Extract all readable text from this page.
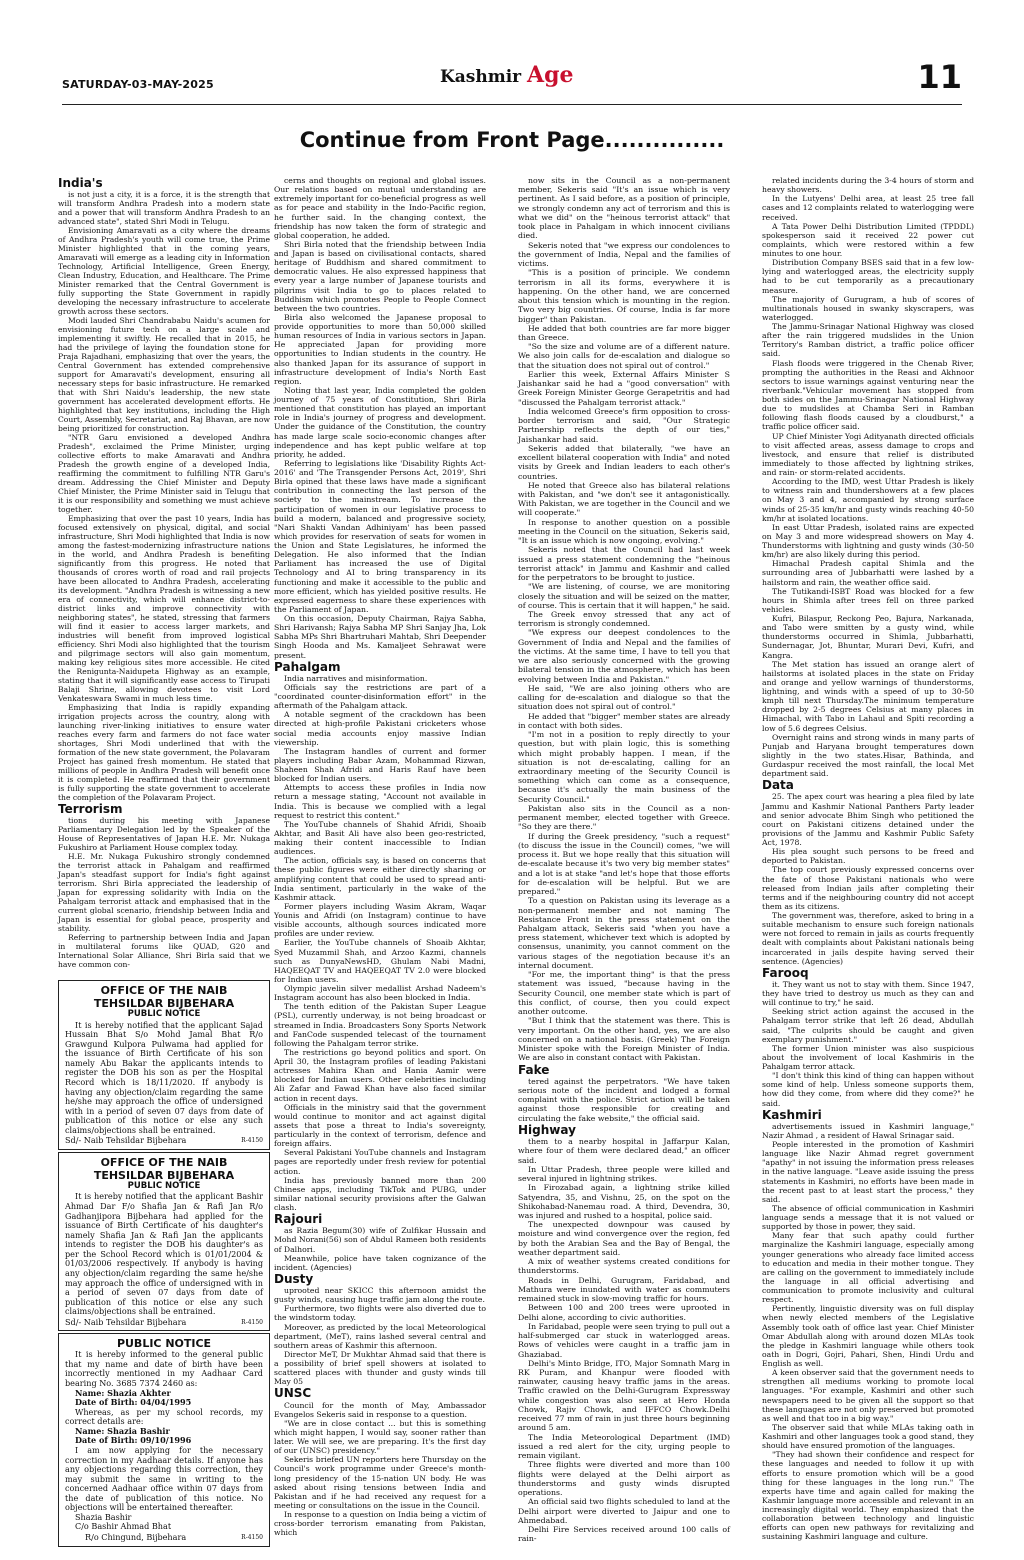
SATURDAY-03-MAY-2025	Kashmir Age	11
Continue from Front Page...............
India's

is not just a city, it is a force, it is the strength that will transform Andhra Pradesh into a modern state and a power that will transform Andhra Pradesh to an advanced state", stated Shri Modi in Telugu.

Envisioning Amaravati as a city where the dreams of Andhra Pradesh's youth will come true, the Prime Minister highlighted that in the coming years, Amaravati will emerge as a leading city in Information Technology, Artificial Intelligence, Green Energy, Clean Industry, Education, and Healthcare. The Prime Minister remarked that the Central Government is fully supporting the State Government in rapidly developing the necessary infrastructure to accelerate growth across these sectors.

Modi lauded Shri Chandrababu Naidu's acumen for envisioning future tech on a large scale and implementing it swiftly. He recalled that in 2015, he had the privilege of laying the foundation stone for Praja Rajadhani, emphasizing that over the years, the Central Government has extended comprehensive support for Amaravati's development, ensuring all necessary steps for basic infrastructure. He remarked that with Shri Naidu's leadership, the new state government has accelerated development efforts. He highlighted that key institutions, including the High Court, Assembly, Secretariat, and Raj Bhavan, are now being prioritized for construction.

"NTR Garu envisioned a developed Andhra Pradesh", exclaimed the Prime Minister, urging collective efforts to make Amaravati and Andhra Pradesh the growth engine of a developed India, reaffirming the commitment to fulfilling NTR Garu's dream. Addressing the Chief Minister and Deputy Chief Minister, the Prime Minister said in Telugu that it is our responsibility and something we must achieve together.

Emphasizing that over the past 10 years, India has focused extensively on physical, digital, and social infrastructure, Shri Modi highlighted that India is now among the fastest-modernizing infrastructure nations in the world, and Andhra Pradesh is benefiting significantly from this progress. He noted that thousands of crores worth of road and rail projects have been allocated to Andhra Pradesh, accelerating its development. "Andhra Pradesh is witnessing a new era of connectivity, which will enhance district-to-district links and improve connectivity with neighboring states", he stated, stressing that farmers will find it easier to access larger markets, and industries will benefit from improved logistical efficiency. Shri Modi also highlighted that the tourism and pilgrimage sectors will also gain momentum, making key religious sites more accessible. He cited the Renigunta-Naidupeta Highway as an example, stating that it will significantly ease access to Tirupati Balaji Shrine, allowing devotees to visit Lord Venkateswara Swami in much less time.

Emphasizing that India is rapidly expanding irrigation projects across the country, along with launching river-linking initiatives to ensure water reaches every farm and farmers do not face water shortages, Shri Modi underlined that with the formation of the new state government, the Polavaram Project has gained fresh momentum. He stated that millions of people in Andhra Pradesh will benefit once it is completed. He reaffirmed that their government is fully supporting the state government to accelerate the completion of the Polavaram Project.

Terrorism

tions during his meeting with Japanese Parliamentary Delegation led by the Speaker of the House of Representatives of Japan H.E. Mr. Nukaga Fukushiro at Parliament House complex today.

H.E. Mr. Nukaga Fukushiro strongly condemned the terrorist attack in Pahalgam and reaffirmed Japan's steadfast support for India's fight against terrorism. Shri Birla appreciated the leadership of Japan for expressing solidarity with India on the Pahalgam terrorist attack and emphasised that in the current global scenario, friendship between India and Japan is essential for global peace, prosperity and stability.

Referring to partnership between India and Japan in multilateral forums like QUAD, G20 and International Solar Alliance, Shri Birla said that we have common con-

OFFICE OF THE NAIB TEHSILDAR BIJBEHARA
PUBLIC NOTICE

It is hereby notified that the applicant Sajad Hussain Bhat S/o Mohd Jamal Bhat R/o Grawgund Kulpora Pulwama had applied for the issuance of Birth Certificate of his son namely Abu Bakar the applicants intends to register the DOB his son as per the Hospital Record which is 18/11/2020. If anybody is having any objection/claim regarding the same he/she may approach the office of undersigned with in a period of seven 07 days from date of publication of this notice or else any such claims/objections shall be entrained.

Sd/- Naib Tehsildar Bijbehara	R-4150
OFFICE OF THE NAIB TEHSILDAR BIJBEHARA
PUBLIC NOTICE

It is hereby notified that the applicant Bashir Ahmad Dar F/o Shafia Jan & Rafi Jan R/o Gadhanjipora Bijbehara had applied for the issuance of Birth Certificate of his daughter's namely Shafia Jan & Rafi Jan the applicants intends to register the DOB his daughter's as per the School Record which is 01/01/2004 & 01/03/2006 respectively. If anybody is having any objection/claim regarding the same he/she may approach the office of undersigned with in a period of seven 07 days from date of publication of this notice or else any such claims/objections shall be entrained.

Sd/- Naib Tehsildar Bijbehara	R-4150
PUBLIC NOTICE

It is hereby informed to the general public that my name and date of birth have been incorrectly mentioned in my Aadhaar Card bearing No. 3685 7374 2460 as:

Name: Shazia Akhter

Date of Birth: 04/04/1995

Whereas, as per my school records, my correct details are:

Name: Shazia Bashir

Date of Birth: 09/10/1996

I am now applying for the necessary correction in my Aadhaar details. If anyone has any objections regarding this correction, they may submit the same in writing to the concerned Aadhaar office within 07 days from the date of publication of this notice. No objections will be entertained thereafter.

Shazia Bashir

C/o Bashir Ahmad Bhat

R/o Chingund, Bijbehara	R-4150

cerns and thoughts on regional and global issues. Our relations based on mutual understanding are extremely important for co-beneficial progress as well as for peace and stability in the Indo-Pacific region, he further said. In the changing context, the friendship has now taken the form of strategic and global cooperation, he added.

Shri Birla noted that the friendship between India and Japan is based on civilisational contacts, shared heritage of Buddhism and shared commitment to democratic values. He also expressed happiness that every year a large number of Japanese tourists and pilgrims visit India to go to places related to Buddhism which promotes People to People Connect between the two countries.

Birla also welcomed the Japanese proposal to provide opportunities to more than 50,000 skilled human resources of India in various sectors in Japan. He appreciated Japan for providing more opportunities to Indian students in the country. He also thanked Japan for its assurance of support in infrastructure development of India's North East region.

Noting that last year, India completed the golden journey of 75 years of Constitution, Shri Birla mentioned that constitution has played an important role in India's journey of progress and development. Under the guidance of the Constitution, the country has made large scale socio-economic changes after independence and has kept public welfare at top priority, he added.

Referring to legislations like 'Disability Rights Act-2016' and 'The Transgender Persons Act, 2019', Shri Birla opined that these laws have made a significant contribution in connecting the last person of the society to the mainstream. To increase the participation of women in our legislative process to build a modern, balanced and progressive society, "Nari Shakti Vandan Adhiniyam' has been passed which provides for reservation of seats for women in the Union and State Legislatures, he informed the Delegation. He also informed that the Indian Parliament has increased the use of Digital Technology and AI to bring transparency in its functioning and make it accessible to the public and more efficient, which has yielded positive results. He expressed eagerness to share these experiences with the Parliament of Japan.

On this occasion, Deputy Chairman, Rajya Sabha, Shri Harivansh; Rajya Sabha MP Shri Sanjay Jha, Lok Sabha MPs Shri Bhartruhari Mahtab, Shri Deepender Singh Hooda and Ms. Kamaljeet Sehrawat were present.

Pahalgam

India narratives and misinformation.

Officials say the restrictions are part of a "coordinated counter-disinformation effort" in the aftermath of the Pahalgam attack.

A notable segment of the crackdown has been directed at high-profile Pakistani cricketers whose social media accounts enjoy massive Indian viewership.

The Instagram handles of current and former players including Babar Azam, Mohammad Rizwan, Shaheen Shah Afridi and Haris Rauf have been blocked for Indian users.

Attempts to access these profiles in India now return a message stating, "Account not available in India. This is because we complied with a legal request to restrict this content."

The YouTube channels of Shahid Afridi, Shoaib Akhtar, and Basit Ali have also been geo-restricted, making their content inaccessible to Indian audiences.

The action, officials say, is based on concerns that these public figures were either directly sharing or amplifying content that could be used to spread anti-India sentiment, particularly in the wake of the Kashmir attack.

Former players including Wasim Akram, Waqar Younis and Afridi (on Instagram) continue to have visible accounts, although sources indicated more profiles are under review.

Earlier, the YouTube channels of Shoaib Akhtar, Syed Muzammil Shah, and Arzoo Kazmi, channels such as DunyaNewsHD, Ghulam Nabi Madni, HAQEEQAT TV and HAQEEQAT TV 2.0 were blocked for Indian users.

Olympic javelin silver medallist Arshad Nadeem's Instagram account has also been blocked in India.

The tenth edition of the Pakistan Super League (PSL), currently underway, is not being broadcast or streamed in India. Broadcasters Sony Sports Network and FanCode suspended telecast of the tournament following the Pahalgam terror strike.

The restrictions go beyond politics and sport. On April 30, the Instagram profiles of leading Pakistani actresses Mahira Khan and Hania Aamir were blocked for Indian users. Other celebrities including Ali Zafar and Fawad Khan have also faced similar action in recent days.

Officials in the ministry said that the government would continue to monitor and act against digital assets that pose a threat to India's sovereignty, particularly in the context of terrorism, defence and foreign affairs.

Several Pakistani YouTube channels and Instagram pages are reportedly under fresh review for potential action.

India has previously banned more than 200 Chinese apps, including TikTok and PUBG, under similar national security provisions after the Galwan clash.

Rajouri

as Razia Begum(30) wife of Zulfikar Hussain and Mohd Norani(56) son of Abdul Rameen both residents of Dalhori.

Meanwhile, police have taken cognizance of the incident. (Agencies)

Dusty

uprooted near SKICC this afternoon amidst the gusty winds, causing huge traffic jam along the route.

Furthermore, two flights were also diverted due to the windstorm today.

Moreover, as predicted by the local Meteorological department, (MeT), rains lashed several central and southern areas of Kashmir this afternoon.

Director MeT, Dr Mukhtar Ahmad said that there is a possibility of brief spell showers at isolated to scattered places with thunder and gusty winds till May 05

UNSC

Council for the month of May, Ambassador Evangelos Sekeris said in response to a question.

"We are in close contact ... but this is something which might happen, I would say, sooner rather than later. We will see, we are preparing. It's the first day of our (UNSC) presidency."

Sekeris briefed UN reporters here Thursday on the Council's work programme under Greece's month-long presidency of the 15-nation UN body. He was asked about rising tensions between India and Pakistan and if he had received any request for a meeting or consultations on the issue in the Council.

In response to a question on India being a victim of cross-border terrorism emanating from Pakistan, which

now sits in the Council as a non-permanent member, Sekeris said "It's an issue which is very pertinent. As I said before, as a position of principle, we strongly condemn any act of terrorism and this is what we did" on the "heinous terrorist attack" that took place in Pahalgam in which innocent civilians died.

Sekeris noted that "we express our condolences to the government of India, Nepal and the families of victims.

"This is a position of principle. We condemn terrorism in all its forms, everywhere it is happening. On the other hand, we are concerned about this tension which is mounting in the region. Two very big countries. Of course, India is far more bigger" than Pakistan.

He added that both countries are far more bigger than Greece.

"So the size and volume are of a different nature. We also join calls for de-escalation and dialogue so that the situation does not spiral out of control."

Earlier this week, External Affairs Minister S Jaishankar said he had a "good conversation" with Greek Foreign Minister George Gerapetritis and had "discussed the Pahalgam terrorist attack."

India welcomed Greece's firm opposition to cross-border terrorism and said, "Our Strategic Partnership reflects the depth of our ties," Jaishankar had said.

Sekeris added that bilaterally, "we have an excellent bilateral cooperation with India" and noted visits by Greek and Indian leaders to each other's countries.

He noted that Greece also has bilateral relations with Pakistan, and "we don't see it antagonistically. With Pakistan, we are together in the Council and we will cooperate."

In response to another question on a possible meeting in the Council on the situation, Sekeris said, "It is an issue which is now ongoing, evolving."

Sekeris noted that the Council had last week issued a press statement condemning the "heinous terrorist attack" in Jammu and Kashmir and called for the perpetrators to be brought to justice.

"We are listening, of course, we are monitoring closely the situation and will be seized on the matter, of course. This is certain that it will happen," he said.

The Greek envoy stressed that any act of terrorism is strongly condemned.

"We express our deepest condolences to the Government of India and Nepal and the families of the victims. At the same time, I have to tell you that we are also seriously concerned with the growing bilateral tension in the atmosphere, which has been evolving between India and Pakistan."

He said, "We are also joining others who are calling for de-escalation and dialogue so that the situation does not spiral out of control."

He added that "bigger" member states are already in contact with both sides.

"I'm not in a position to reply directly to your question, but with plain logic, this is something which might probably happen. I mean, if the situation is not de-escalating, calling for an extraordinary meeting of the Security Council is something which can come as a consequence, because it's actually the main business of the Security Council."

Pakistan also sits in the Council as a non-permanent member, elected together with Greece. "So they are there."

If during the Greek presidency, "such a request" (to discuss the issue in the Council) comes, "we will process it. But we hope really that this situation will de-escalate because it's two very big member states" and a lot is at stake "and let's hope that those efforts for de-escalation will be helpful. But we are prepared."

To a question on Pakistan using its leverage as a non-permanent member and not naming The Resistance Front in the press statement on the Pahalgam attack, Sekeris said "when you have a press statement, whichever text which is adopted by consensus, unanimity, you cannot comment on the various stages of the negotiation because it's an internal document.

"For me, the important thing" is that the press statement was issued, "because having in the Security Council, one member state which is part of this conflict, of course, then you could expect another outcome.

"But I think that the statement was there. This is very important. On the other hand, yes, we are also concerned on a national basis. (Greek) The Foreign Minister spoke with the Foreign Minister of India. We are also in constant contact with Pakistan.

Fake

tered against the perpetrators. "We have taken serious note of the incident and lodged a formal complaint with the police. Strict action will be taken against those responsible for creating and circulating the fake website," the official said.

Highway

them to a nearby hospital in Jaffarpur Kalan, where four of them were declared dead," an officer said.

In Uttar Pradesh, three people were killed and several injured in lightning strikes.

In Firozabad again, a lightning strike killed Satyendra, 35, and Vishnu, 25, on the spot on the Shikohabad-Nanemau road. A third, Devendra, 30, was injured and rushed to a hospital, police said.

The unexpected downpour was caused by moisture and wind convergence over the region, fed by both the Arabian Sea and the Bay of Bengal, the weather department said.

A mix of weather systems created conditions for thunderstorms.

Roads in Delhi, Gurugram, Faridabad, and Mathura were inundated with water as commuters remained stuck in slow-moving traffic for hours.

Between 100 and 200 trees were uprooted in Delhi alone, according to civic authorities.

In Faridabad, people were seen trying to pull out a half-submerged car stuck in waterlogged areas. Rows of vehicles were caught in a traffic jam in Ghaziabad.

Delhi's Minto Bridge, ITO, Major Somnath Marg in RK Puram, and Khanpur were flooded with rainwater, causing heavy traffic jams in the areas. Traffic crawled on the Delhi-Gurugram Expressway while congestion was also seen at Hero Honda Chowk, Rajiv Chowk, and IFFCO Chowk.Delhi received 77 mm of rain in just three hours beginning around 5 am.

The India Meteorological Department (IMD) issued a red alert for the city, urging people to remain vigilant.

Three flights were diverted and more than 100 flights were delayed at the Delhi airport as thunderstorms and gusty winds disrupted operations.

An official said two flights scheduled to land at the Delhi airport were diverted to Jaipur and one to Ahmedabad.

Delhi Fire Services received around 100 calls of rain-

related incidents during the 3-4 hours of storm and heavy showers.

In the Lutyens' Delhi area, at least 25 tree fall cases and 12 complaints related to waterlogging were received.

A Tata Power Delhi Distribution Limited (TPDDL) spokesperson said it received 22 power cut complaints, which were restored within a few minutes to one hour.

Distribution Company BSES said that in a few low-lying and waterlogged areas, the electricity supply had to be cut temporarily as a precautionary measure.

The majority of Gurugram, a hub of scores of multinationals housed in swanky skyscrapers, was waterlogged.

The Jammu-Srinagar National Highway was closed after the rain triggered mudslides in the Union Territory's Ramban district, a traffic police officer said.

Flash floods were triggered in the Chenab River, prompting the authorities in the Reasi and Akhnoor sectors to issue warnings against venturing near the riverbank."Vehicular movement has stopped from both sides on the Jammu-Srinagar National Highway due to mudslides at Chamba Seri in Ramban following flash floods caused by a cloudburst," a traffic police officer said.

UP Chief Minister Yogi Adityanath directed officials to visit affected areas, assess damage to crops and livestock, and ensure that relief is distributed immediately to those affected by lightning strikes, and rain- or storm-related accidents.

According to the IMD, west Uttar Pradesh is likely to witness rain and thundershowers at a few places on May 3 and 4, accompanied by strong surface winds of 25-35 km/hr and gusty winds reaching 40-50 km/hr at isolated locations.

In east Uttar Pradesh, isolated rains are expected on May 3 and more widespread showers on May 4. Thunderstorms with lightning and gusty winds (30-50 km/hr) are also likely during this period.

Himachal Pradesh capital Shimla and the surrounding area of Jubbarhatti were lashed by a hailstorm and rain, the weather office said.

The Tutikandi-ISBT Road was blocked for a few hours in Shimla after trees fell on three parked vehicles.

Kufri, Bilaspur, Reckong Peo, Bajura, Narkanada, and Tabo were smitten by a gusty wind, while thunderstorms occurred in Shimla, Jubbarhatti, Sundernagar, Jot, Bhuntar, Murari Devi, Kufri, and Kangra.

The Met station has issued an orange alert of hailstorms at isolated places in the state on Friday and orange and yellow warnings of thunderstorms, lightning, and winds with a speed of up to 30-50 kmph till next Thursday.The minimum temperature dropped by 2-5 degrees Celsius at many places in Himachal, with Tabo in Lahaul and Spiti recording a low of 5.6 degrees Celsius.

Overnight rains and strong winds in many parts of Punjab and Haryana brought temperatures down slightly in the two states.Hisar, Bathinda, and Gurdaspur received the most rainfall, the local Met department said.

Data

25. The apex court was hearing a plea filed by late Jammu and Kashmir National Panthers Party leader and senior advocate Bhim Singh who petitioned the court on Pakistani citizens detained under the provisions of the Jammu and Kashmir Public Safety Act, 1978.

His plea sought such persons to be freed and deported to Pakistan.

The top court previously expressed concerns over the fate of those Pakistani nationals who were released from Indian jails after completing their terms and if the neighbouring country did not accept them as its citizens.

The government was, therefore, asked to bring in a suitable mechanism to ensure such foreign nationals were not forced to remain in jails as courts frequently dealt with complaints about Pakistani nationals being incarcerated in jails despite having served their sentence. (Agencies)

Farooq

it. They want us not to stay with them. Since 1947, they have tried to destroy us much as they can and will continue to try," he said.

Seeking strict action against the accused in the Pahalgam terror strike that left 26 dead, Abdullah said, "The culprits should be caught and given exemplary punishment."

The former Union minister was also suspicious about the involvement of local Kashmiris in the Pahalgam terror attack.

"I don't think this kind of thing can happen without some kind of help. Unless someone supports them, how did they come, from where did they come?" he said.

Kashmiri

advertisements issued in Kashmiri language," Nazir Ahmad , a resident of Hawal Srinagar said.

People interested in the promotion of Kashmiri language like Nazir Ahmad regret government "apathy" in not issuing the information press releases in the native language. "Leave aside issuing the press statements in Kashmiri, no efforts have been made in the recent past to at least start the process," they said.

The absence of official communication in Kashmiri language sends a message that it is not valued or supported by those in power, they said.

Many fear that such apathy could further marginalize the Kashmiri language, especially among younger generations who already face limited access to education and media in their mother tongue. They are calling on the government to immediately include the language in all official advertising and communication to promote inclusivity and cultural respect.

Pertinently, linguistic diversity was on full display when newly elected members of the Legislative Assembly took oath of office last year. Chief Minister Omar Abdullah along with around dozen MLAs took the pledge in Kashmiri language while others took oath in Dogri, Gojri, Pahari, Shen, Hindi Urdu and English as well.

A keen observer said that the government needs to strengthen all mediums working to promote local languages. "For example, Kashmiri and other such newspapers need to be given all the support so that these languages are not only preserved but promoted as well and that too in a big way."

The observer said that while MLAs taking oath in Kashmiri and other languages took a good stand, they should have ensured promotion of the languages.

"They had shown their confidence and respect for these languages and needed to follow it up with efforts to ensure promotion which will be a good thing for these languages in the long run." The experts have time and again called for making the Kashmir language more accessible and relevant in an increasingly digital world. They emphasized that the collaboration between technology and linguistic efforts can open new pathways for revitalizing and sustaining Kashmiri language and culture.
